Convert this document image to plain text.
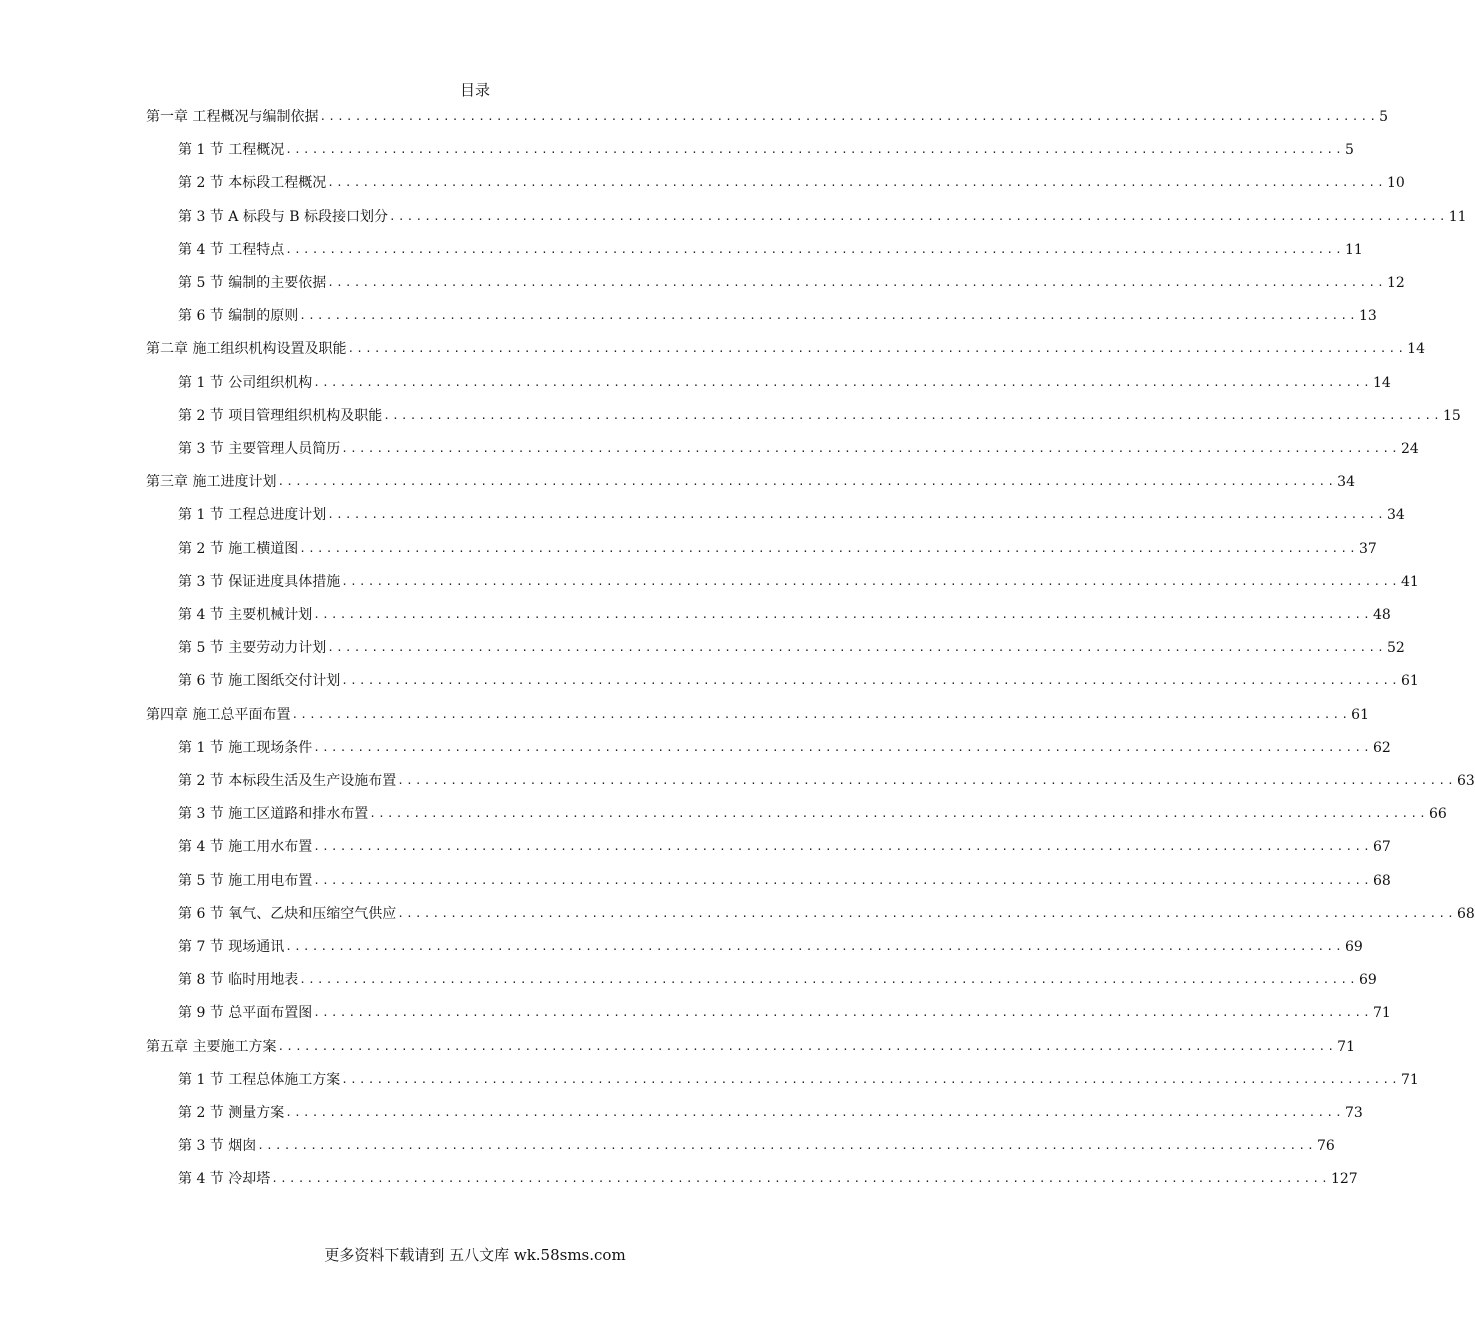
目录
第一章 工程概况与编制依据 ........................................................................................................................ 5
第 1 节 工程概况 ........................................................................................................................ 5
第 2 节 本标段工程概况 ........................................................................................................................ 10
第 3 节 A 标段与 B 标段接口划分 ........................................................................................................................ 11
第 4 节 工程特点 ........................................................................................................................ 11
第 5 节 编制的主要依据 ........................................................................................................................ 12
第 6 节 编制的原则 ........................................................................................................................ 13
第二章 施工组织机构设置及职能 ........................................................................................................................ 14
第 1 节 公司组织机构 ........................................................................................................................ 14
第 2 节 项目管理组织机构及职能 ........................................................................................................................ 15
第 3 节 主要管理人员简历 ........................................................................................................................ 24
第三章 施工进度计划 ........................................................................................................................ 34
第 1 节 工程总进度计划 ........................................................................................................................ 34
第 2 节 施工横道图 ........................................................................................................................ 37
第 3 节 保证进度具体措施 ........................................................................................................................ 41
第 4 节 主要机械计划 ........................................................................................................................ 48
第 5 节 主要劳动力计划 ........................................................................................................................ 52
第 6 节 施工图纸交付计划 ........................................................................................................................ 61
第四章 施工总平面布置 ........................................................................................................................ 61
第 1 节 施工现场条件 ........................................................................................................................ 62
第 2 节 本标段生活及生产设施布置 ........................................................................................................................ 63
第 3 节 施工区道路和排水布置 ........................................................................................................................ 66
第 4 节 施工用水布置 ........................................................................................................................ 67
第 5 节 施工用电布置 ........................................................................................................................ 68
第 6 节 氧气、乙炔和压缩空气供应 ........................................................................................................................ 68
第 7 节 现场通讯 ........................................................................................................................ 69
第 8 节 临时用地表 ........................................................................................................................ 69
第 9 节 总平面布置图 ........................................................................................................................ 71
第五章 主要施工方案 ........................................................................................................................ 71
第 1 节 工程总体施工方案 ........................................................................................................................ 71
第 2 节 测量方案 ........................................................................................................................ 73
第 3 节 烟囱 ........................................................................................................................ 76
第 4 节 冷却塔 ........................................................................................................................ 127
更多资料下载请到 五八文库 wk.58sms.com
